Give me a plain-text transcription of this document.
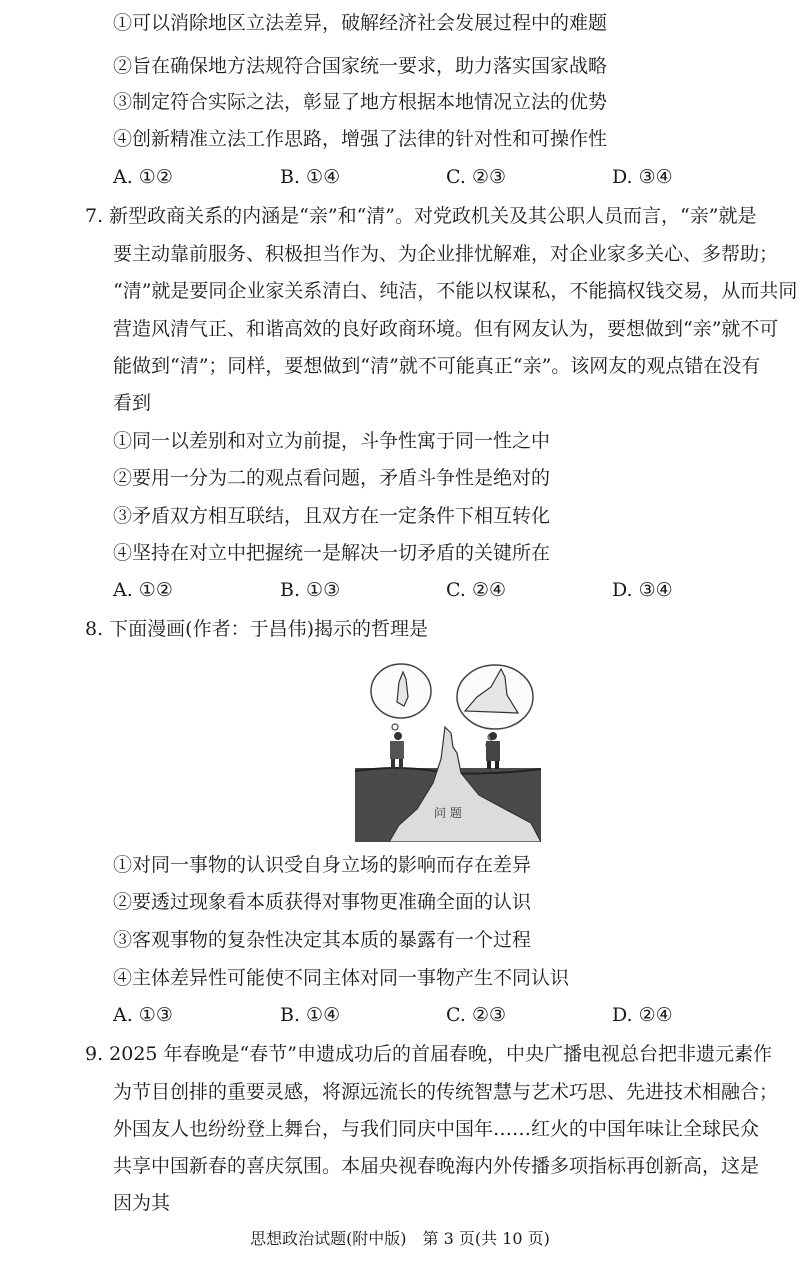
①可以消除地区立法差异，破解经济社会发展过程中的难题
②旨在确保地方法规符合国家统一要求，助力落实国家战略
③制定符合实际之法，彰显了地方根据本地情况立法的优势
④创新精准立法工作思路，增强了法律的针对性和可操作性
A. ①②	B. ①④	C. ②③	D. ③④
7. 新型政商关系的内涵是“亲”和“清”。对党政机关及其公职人员而言，“亲”就是
要主动靠前服务、积极担当作为、为企业排忧解难，对企业家多关心、多帮助；
“清”就是要同企业家关系清白、纯洁，不能以权谋私，不能搞权钱交易，从而共同
营造风清气正、和谐高效的良好政商环境。但有网友认为，要想做到“亲”就不可
能做到“清”；同样，要想做到“清”就不可能真正“亲”。该网友的观点错在没有
看到
①同一以差别和对立为前提，斗争性寓于同一性之中
②要用一分为二的观点看问题，矛盾斗争性是绝对的
③矛盾双方相互联结，且双方在一定条件下相互转化
④坚持在对立中把握统一是解决一切矛盾的关键所在
A. ①②	B. ①③	C. ②④	D. ③④
8. 下面漫画(作者：于昌伟)揭示的哲理是
问 题
①对同一事物的认识受自身立场的影响而存在差异
②要透过现象看本质获得对事物更准确全面的认识
③客观事物的复杂性决定其本质的暴露有一个过程
④主体差异性可能使不同主体对同一事物产生不同认识
A. ①③	B. ①④	C. ②③	D. ②④
9. 2025 年春晚是“春节”申遗成功后的首届春晚，中央广播电视总台把非遗元素作
为节目创排的重要灵感，将源远流长的传统智慧与艺术巧思、先进技术相融合；
外国友人也纷纷登上舞台，与我们同庆中国年……红火的中国年味让全球民众
共享中国新春的喜庆氛围。本届央视春晚海内外传播多项指标再创新高，这是
因为其
思想政治试题(附中版)　第 3 页(共 10 页)
